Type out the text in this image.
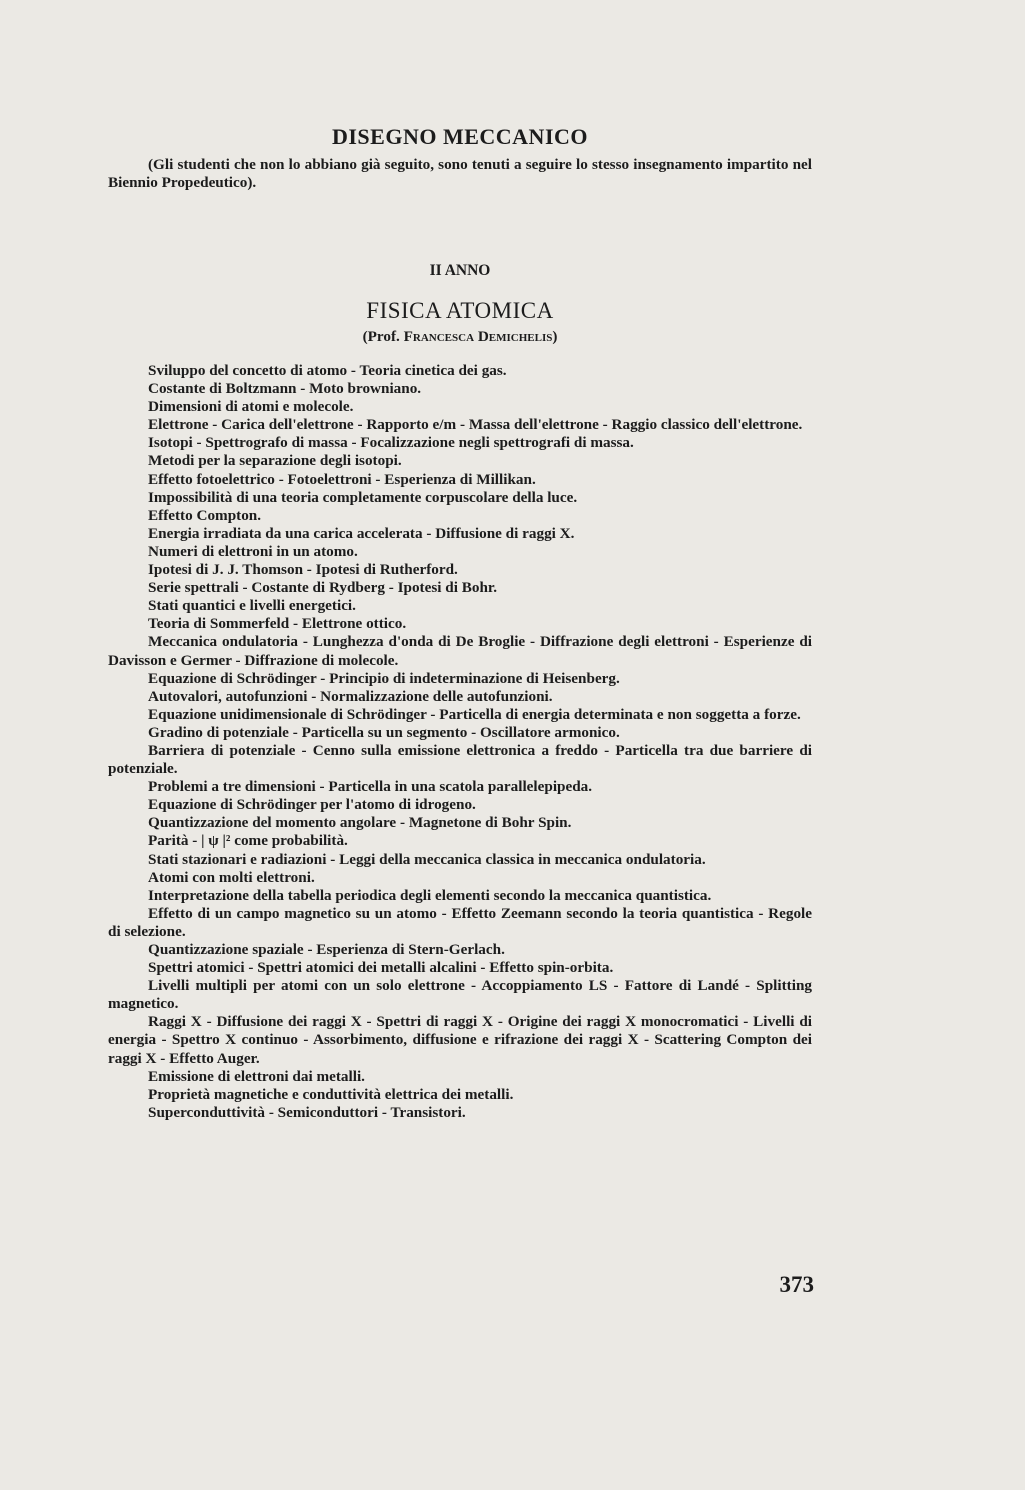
DISEGNO MECCANICO

(Gli studenti che non lo abbiano già seguito, sono tenuti a seguire lo stesso insegnamento impartito nel Biennio Propedeutico).

II ANNO
FISICA ATOMICA
(Prof. Francesca Demichelis)
Sviluppo del concetto di atomo - Teoria cinetica dei gas.
Costante di Boltzmann - Moto browniano.
Dimensioni di atomi e molecole.
Elettrone - Carica dell'elettrone - Rapporto e/m - Massa dell'elettrone - Raggio classico dell'elettrone.
Isotopi - Spettrografo di massa - Focalizzazione negli spettrografi di massa.
Metodi per la separazione degli isotopi.
Effetto fotoelettrico - Fotoelettroni - Esperienza di Millikan.
Impossibilità di una teoria completamente corpuscolare della luce.
Effetto Compton.
Energia irradiata da una carica accelerata - Diffusione di raggi X.
Numeri di elettroni in un atomo.
Ipotesi di J. J. Thomson - Ipotesi di Rutherford.
Serie spettrali - Costante di Rydberg - Ipotesi di Bohr.
Stati quantici e livelli energetici.
Teoria di Sommerfeld - Elettrone ottico.
Meccanica ondulatoria - Lunghezza d'onda di De Broglie - Diffrazione degli elettroni - Esperienze di Davisson e Germer - Diffrazione di molecole.
Equazione di Schrödinger - Principio di indeterminazione di Heisenberg.
Autovalori, autofunzioni - Normalizzazione delle autofunzioni.
Equazione unidimensionale di Schrödinger - Particella di energia determinata e non soggetta a forze.
Gradino di potenziale - Particella su un segmento - Oscillatore armonico.
Barriera di potenziale - Cenno sulla emissione elettronica a freddo - Particella tra due barriere di potenziale.
Problemi a tre dimensioni - Particella in una scatola parallelepipeda.
Equazione di Schrödinger per l'atomo di idrogeno.
Quantizzazione del momento angolare - Magnetone di Bohr Spin.
Parità - | ψ |² come probabilità.
Stati stazionari e radiazioni - Leggi della meccanica classica in meccanica ondulatoria.
Atomi con molti elettroni.
Interpretazione della tabella periodica degli elementi secondo la meccanica quantistica.
Effetto di un campo magnetico su un atomo - Effetto Zeemann secondo la teoria quantistica - Regole di selezione.
Quantizzazione spaziale - Esperienza di Stern-Gerlach.
Spettri atomici - Spettri atomici dei metalli alcalini - Effetto spin-orbita.
Livelli multipli per atomi con un solo elettrone - Accoppiamento LS - Fattore di Landé - Splitting magnetico.
Raggi X - Diffusione dei raggi X - Spettri di raggi X - Origine dei raggi X monocromatici - Livelli di energia - Spettro X continuo - Assorbimento, diffusione e rifrazione dei raggi X - Scattering Compton dei raggi X - Effetto Auger.
Emissione di elettroni dai metalli.
Proprietà magnetiche e conduttività elettrica dei metalli.
Superconduttività - Semiconduttori - Transistori.
373
